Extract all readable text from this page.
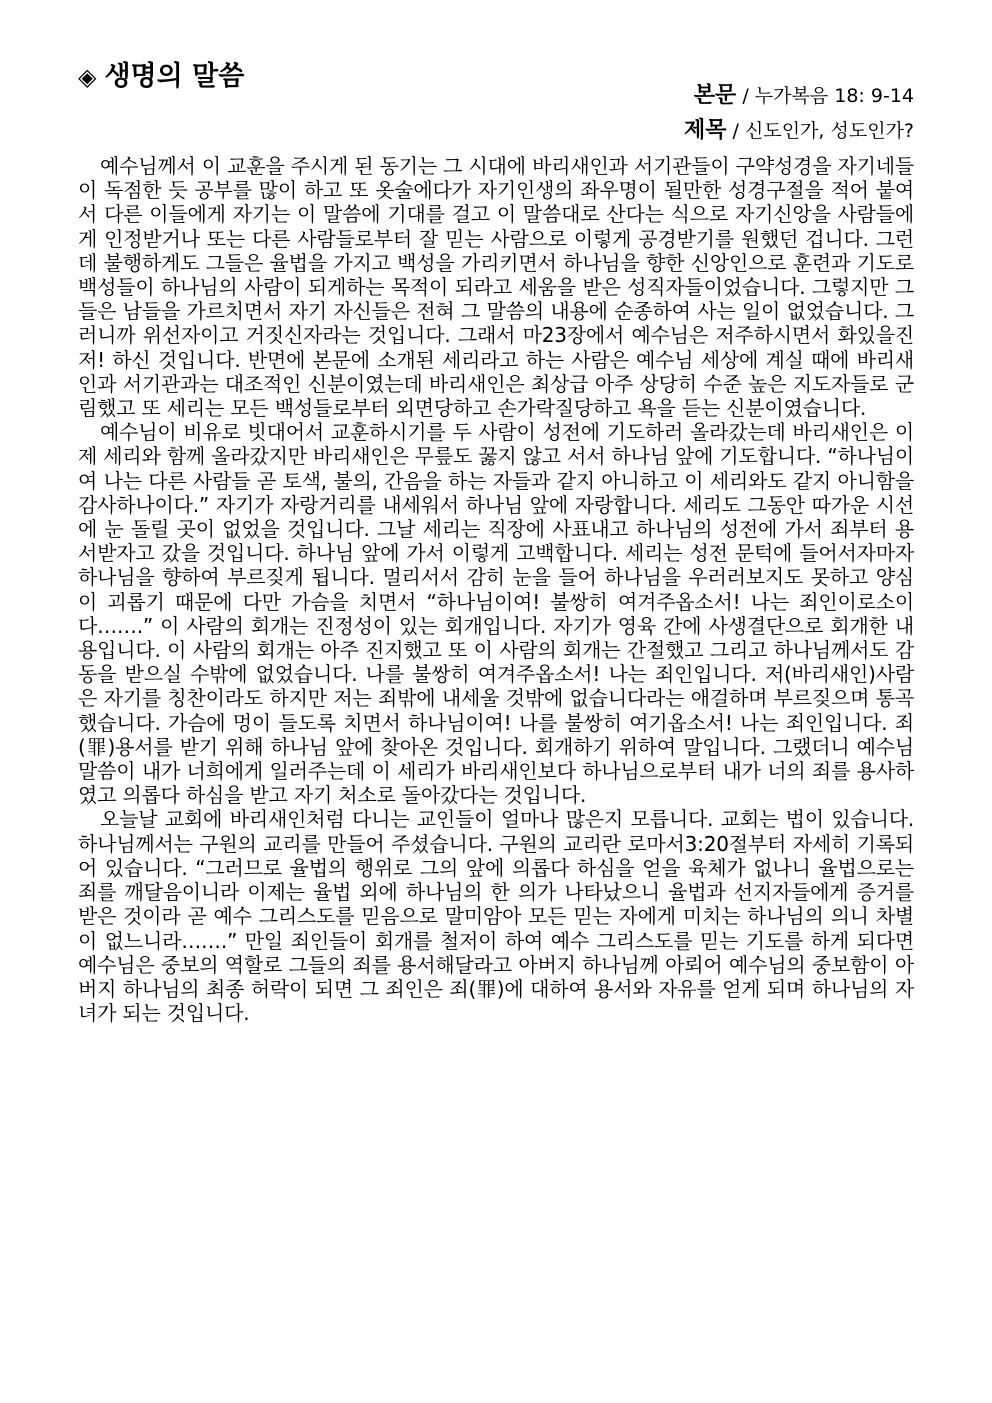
◈ 생명의 말씀
본문 / 누가복음 18: 9-14
제목 / 신도인가, 성도인가?

예수님께서 이 교훈을 주시게 된 동기는 그 시대에 바리새인과 서기관들이 구약성경을 자기네들이 독점한 듯 공부를 많이 하고 또 옷술에다가 자기인생의 좌우명이 될만한 성경구절을 적어 붙여서 다른 이들에게 자기는 이 말씀에 기대를 걸고 이 말씀대로 산다는 식으로 자기신앙을 사람들에게 인정받거나 또는 다른 사람들로부터 잘 믿는 사람으로 이렇게 공경받기를 원했던 겁니다. 그런데 불행하게도 그들은 율법을 가지고 백성을 가리키면서 하나님을 향한 신앙인으로 훈련과 기도로 백성들이 하나님의 사람이 되게하는 목적이 되라고 세움을 받은 성직자들이었습니다. 그렇지만 그들은 남들을 가르치면서 자기 자신들은 전혀 그 말씀의 내용에 순종하여 사는 일이 없었습니다. 그러니까 위선자이고 거짓신자라는 것입니다. 그래서 마23장에서 예수님은 저주하시면서 화있을진저! 하신 것입니다. 반면에 본문에 소개된 세리라고 하는 사람은 예수님 세상에 계실 때에 바리새인과 서기관과는 대조적인 신분이였는데 바리새인은 최상급 아주 상당히 수준 높은 지도자들로 군림했고 또 세리는 모든 백성들로부터 외면당하고 손가락질당하고 욕을 듣는 신분이였습니다.

예수님이 비유로 빗대어서 교훈하시기를 두 사람이 성전에 기도하러 올라갔는데 바리새인은 이제 세리와 함께 올라갔지만 바리새인은 무릎도 꿇지 않고 서서 하나님 앞에 기도합니다. “하나님이여 나는 다른 사람들 곧 토색, 불의, 간음을 하는 자들과 같지 아니하고 이 세리와도 같지 아니함을 감사하나이다.” 자기가 자랑거리를 내세워서 하나님 앞에 자랑합니다. 세리도 그동안 따가운 시선에 눈 돌릴 곳이 없었을 것입니다. 그날 세리는 직장에 사표내고 하나님의 성전에 가서 죄부터 용서받자고 갔을 것입니다. 하나님 앞에 가서 이렇게 고백합니다. 세리는 성전 문턱에 들어서자마자 하나님을 향하여 부르짖게 됩니다. 멀리서서 감히 눈을 들어 하나님을 우러러보지도 못하고 양심이 괴롭기 때문에 다만 가슴을 치면서 “하나님이여! 불쌍히 여겨주옵소서! 나는 죄인이로소이다…….” 이 사람의 회개는 진정성이 있는 회개입니다. 자기가 영육 간에 사생결단으로 회개한 내용입니다. 이 사람의 회개는 아주 진지했고 또 이 사람의 회개는 간절했고 그리고 하나님께서도 감동을 받으실 수밖에 없었습니다. 나를 불쌍히 여겨주옵소서! 나는 죄인입니다. 저(바리새인)사람은 자기를 칭찬이라도 하지만 저는 죄밖에 내세울 것밖에 없습니다라는 애걸하며 부르짖으며 통곡했습니다. 가슴에 멍이 들도록 치면서 하나님이여! 나를 불쌍히 여기옵소서! 나는 죄인입니다. 죄(罪)용서를 받기 위해 하나님 앞에 찾아온 것입니다. 회개하기 위하여 말입니다. 그랬더니 예수님말씀이 내가 너희에게 일러주는데 이 세리가 바리새인보다 하나님으로부터 내가 너의 죄를 용사하였고 의롭다 하심을 받고 자기 처소로 돌아갔다는 것입니다.

오늘날 교회에 바리새인처럼 다니는 교인들이 얼마나 많은지 모릅니다. 교회는 법이 있습니다. 하나님께서는 구원의 교리를 만들어 주셨습니다. 구원의 교리란 로마서3:20절부터 자세히 기록되어 있습니다. “그러므로 율법의 행위로 그의 앞에 의롭다 하심을 얻을 육체가 없나니 율법으로는 죄를 깨달음이니라 이제는 율법 외에 하나님의 한 의가 나타났으니 율법과 선지자들에게 증거를 받은 것이라 곧 예수 그리스도를 믿음으로 말미암아 모든 믿는 자에게 미치는 하나님의 의니 차별이 없느니라…….” 만일 죄인들이 회개를 철저이 하여 예수 그리스도를 믿는 기도를 하게 되다면 예수님은 중보의 역할로 그들의 죄를 용서해달라고 아버지 하나님께 아뢰어 예수님의 중보함이 아버지 하나님의 최종 허락이 되면 그 죄인은 죄(罪)에 대하여 용서와 자유를 얻게 되며 하나님의 자녀가 되는 것입니다.
